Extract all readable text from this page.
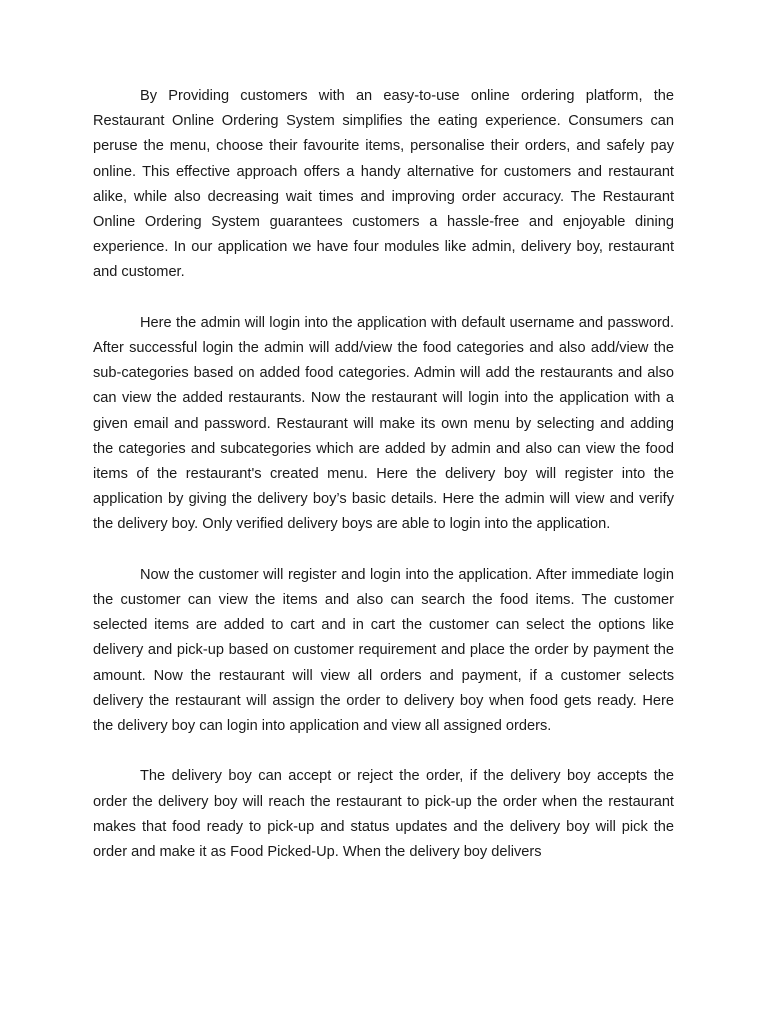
By Providing customers with an easy-to-use online ordering platform, the Restaurant Online Ordering System simplifies the eating experience. Consumers can peruse the menu, choose their favourite items, personalise their orders, and safely pay online. This effective approach offers a handy alternative for customers and restaurant alike, while also decreasing wait times and improving order accuracy. The Restaurant Online Ordering System guarantees customers a hassle-free and enjoyable dining experience. In our application we have four modules like admin, delivery boy, restaurant and customer.

Here the admin will login into the application with default username and password. After successful login the admin will add/view the food categories and also add/view the sub-categories based on added food categories. Admin will add the restaurants and also can view the added restaurants. Now the restaurant will login into the application with a given email and password. Restaurant will make its own menu by selecting and adding the categories and subcategories which are added by admin and also can view the food items of the restaurant's created menu. Here the delivery boy will register into the application by giving the delivery boy’s basic details. Here the admin will view and verify the delivery boy. Only verified delivery boys are able to login into the application.

Now the customer will register and login into the application. After immediate login the customer can view the items and also can search the food items. The customer selected items are added to cart and in cart the customer can select the options like delivery and pick-up based on customer requirement and place the order by payment the amount. Now the restaurant will view all orders and payment, if a customer selects delivery the restaurant will assign the order to delivery boy when food gets ready. Here the delivery boy can login into application and view all assigned orders.

The delivery boy can accept or reject the order, if the delivery boy accepts the order the delivery boy will reach the restaurant to pick-up the order when the restaurant makes that food ready to pick-up and status updates and the delivery boy will pick the order and make it as Food Picked-Up. When the delivery boy delivers
